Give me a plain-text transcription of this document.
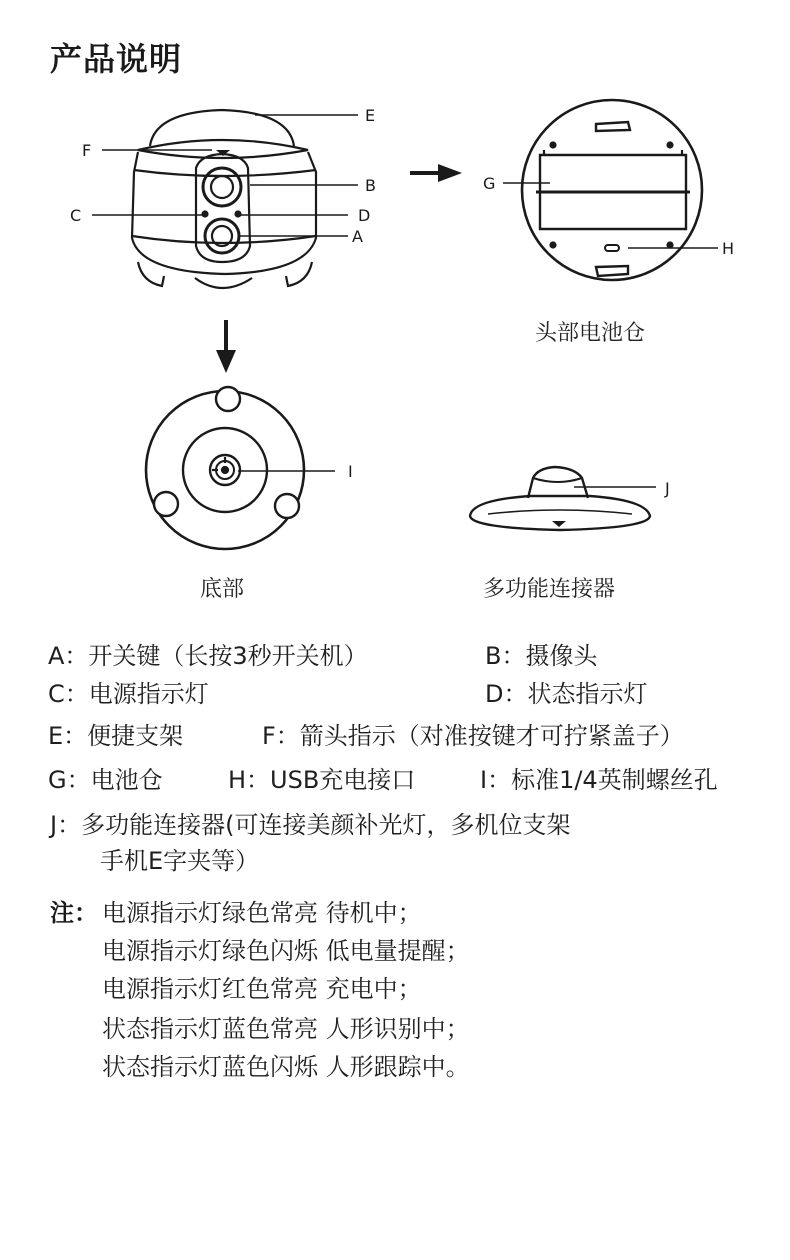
产品说明
E
F
B
C	D
A
G
H
I
J
头部电池仓
底部	多功能连接器
A：开关键（长按3秒开关机）	B：摄像头
C：电源指示灯	D：状态指示灯
E：便捷支架	F：箭头指示（对准按键才可拧紧盖子）
G：电池仓	H：USB充电接口	I：标准1/4英制螺丝孔
J：多功能连接器(可连接美颜补光灯，多机位支架
手机E字夹等）
注： 电源指示灯绿色常亮 待机中；
电源指示灯绿色闪烁 低电量提醒；
电源指示灯红色常亮 充电中；
状态指示灯蓝色常亮 人形识别中；
状态指示灯蓝色闪烁 人形跟踪中。
